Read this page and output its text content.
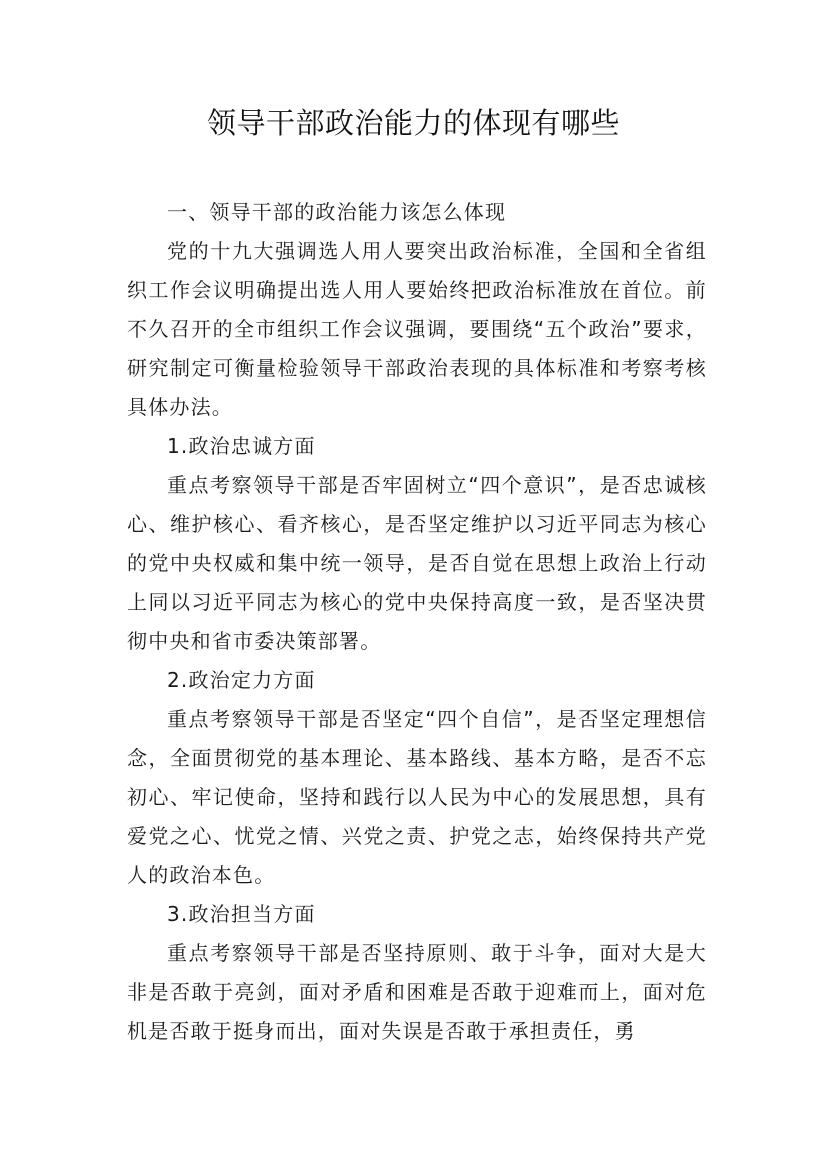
领导干部政治能力的体现有哪些

一、领导干部的政治能力该怎么体现

党的十九大强调选人用人要突出政治标准，全国和全省组织工作会议明确提出选人用人要始终把政治标准放在首位。前不久召开的全市组织工作会议强调，要围绕“五个政治”要求，研究制定可衡量检验领导干部政治表现的具体标准和考察考核具体办法。

1.政治忠诚方面

重点考察领导干部是否牢固树立“四个意识”，是否忠诚核心、维护核心、看齐核心，是否坚定维护以习近平同志为核心的党中央权威和集中统一领导，是否自觉在思想上政治上行动上同以习近平同志为核心的党中央保持高度一致，是否坚决贯彻中央和省市委决策部署。

2.政治定力方面

重点考察领导干部是否坚定“四个自信”，是否坚定理想信念，全面贯彻党的基本理论、基本路线、基本方略，是否不忘初心、牢记使命，坚持和践行以人民为中心的发展思想，具有爱党之心、忧党之情、兴党之责、护党之志，始终保持共产党人的政治本色。

3.政治担当方面

重点考察领导干部是否坚持原则、敢于斗争，面对大是大非是否敢于亮剑，面对矛盾和困难是否敢于迎难而上，面对危机是否敢于挺身而出，面对失误是否敢于承担责任，勇
